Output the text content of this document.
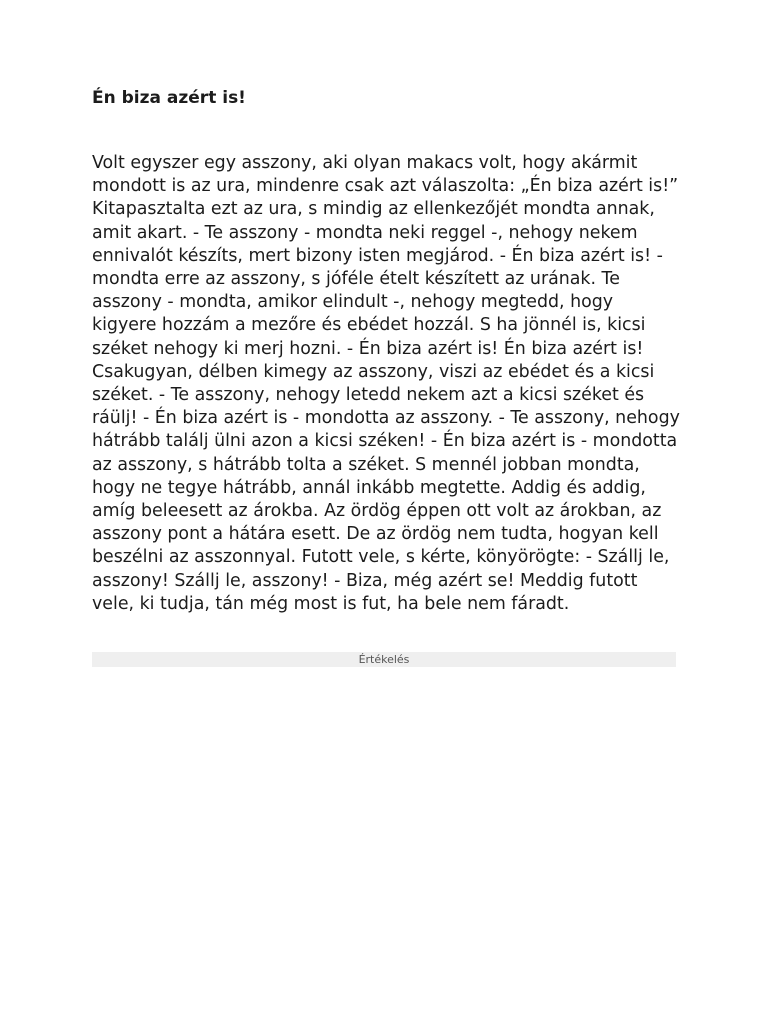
Én biza azért is!

Volt egyszer egy asszony, aki olyan makacs volt, hogy akármit mondott is az ura, mindenre csak azt válaszolta: „Én biza azért is!” Kitapasztalta ezt az ura, s mindig az ellenkezőjét mondta annak, amit akart. - Te asszony - mondta neki reggel -, nehogy nekem ennivalót készíts, mert bizony isten megjárod. - Én biza azért is! - mondta erre az asszony, s jóféle ételt készített az urának. Te asszony - mondta, amikor elindult -, nehogy megtedd, hogy kigyere hozzám a mezőre és ebédet hozzál. S ha jönnél is, kicsi széket nehogy ki merj hozni. - Én biza azért is! Én biza azért is! Csakugyan, délben kimegy az asszony, viszi az ebédet és a kicsi széket. - Te asszony, nehogy letedd nekem azt a kicsi széket és ráülj! - Én biza azért is - mondotta az asszony. - Te asszony, nehogy hátrább találj ülni azon a kicsi széken! - Én biza azért is - mondotta az asszony, s hátrább tolta a széket. S mennél jobban mondta, hogy ne tegye hátrább, annál inkább megtette. Addig és addig, amíg beleesett az árokba. Az ördög éppen ott volt az árokban, az asszony pont a hátára esett. De az ördög nem tudta, hogyan kell beszélni az asszonnyal. Futott vele, s kérte, könyörögte: - Szállj le, asszony! Szállj le, asszony! - Biza, még azért se! Meddig futott vele, ki tudja, tán még most is fut, ha bele nem fáradt.

Értékelés
